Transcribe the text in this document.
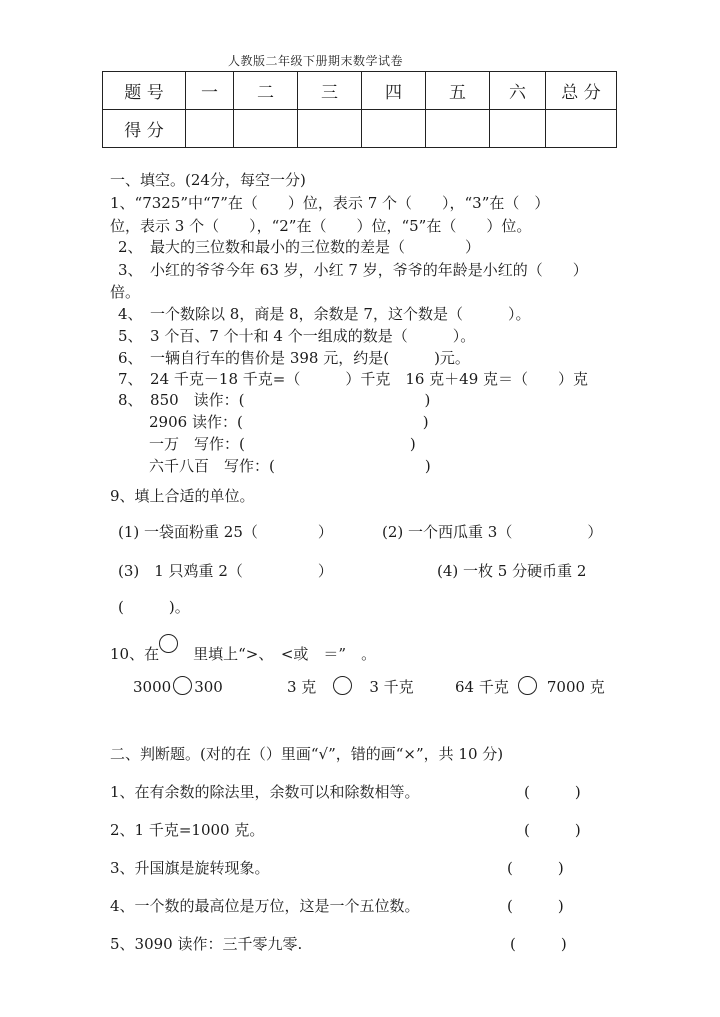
人教版二年级下册期末数学试卷
题 号	一	二	三	四	五	六	总 分
得 分							
一、填空。(24分，每空一分)
1、“7325”中“7”在（　　）位，表示 7 个（　　），“3”在（　）
位，表示 3 个（　　），“2”在（　　）位，“5”在（　　）位。
2、　最大的三位数和最小的三位数的差是（　　　　）
3、　小红的爷爷今年 63 岁，小红 7 岁，爷爷的年龄是小红的（　　）
倍。
4、　一个数除以 8，商是 8，余数是 7，这个数是（　　　）。
5、　3 个百、7 个十和 4 个一组成的数是（　　　）。
6、　一辆自行车的售价是 398 元，约是(　　　)元。
7、　24 千克－18 千克=（　　　）千克　16 克＋49 克＝（　　）克
8、　850　读作：(　　　　　　　　　　　　)
2906 读作：(　　　　　　　　　　　　)
一万　写作：(　　　　　　　　　　　)
六千八百　写作：(　　　　　　　　　　)
9、填上合适的单位。
(1) 一袋面粉重 25（　　　　）	(2) 一个西瓜重 3（　　　　　）
(3)　1 只鸡重 2（　　　　　）	(4) 一枚 5 分硬币重 2
(　　　)。
10、在　里填上“>、　<或　＝”　。
3000 300	3 克  	3 千克	64 千克  	7000 克
二、判断题。(对的在（）里画“√”，错的画“×”，共 10 分)
1、在有余数的除法里，余数可以和除数相等。	(　　　)
2、1 千克=1000 克。	(　　　)
3、升国旗是旋转现象。	(　　　)
4、一个数的最高位是万位，这是一个五位数。	(　　　)
5、3090 读作：三千零九零.	(　　　)
